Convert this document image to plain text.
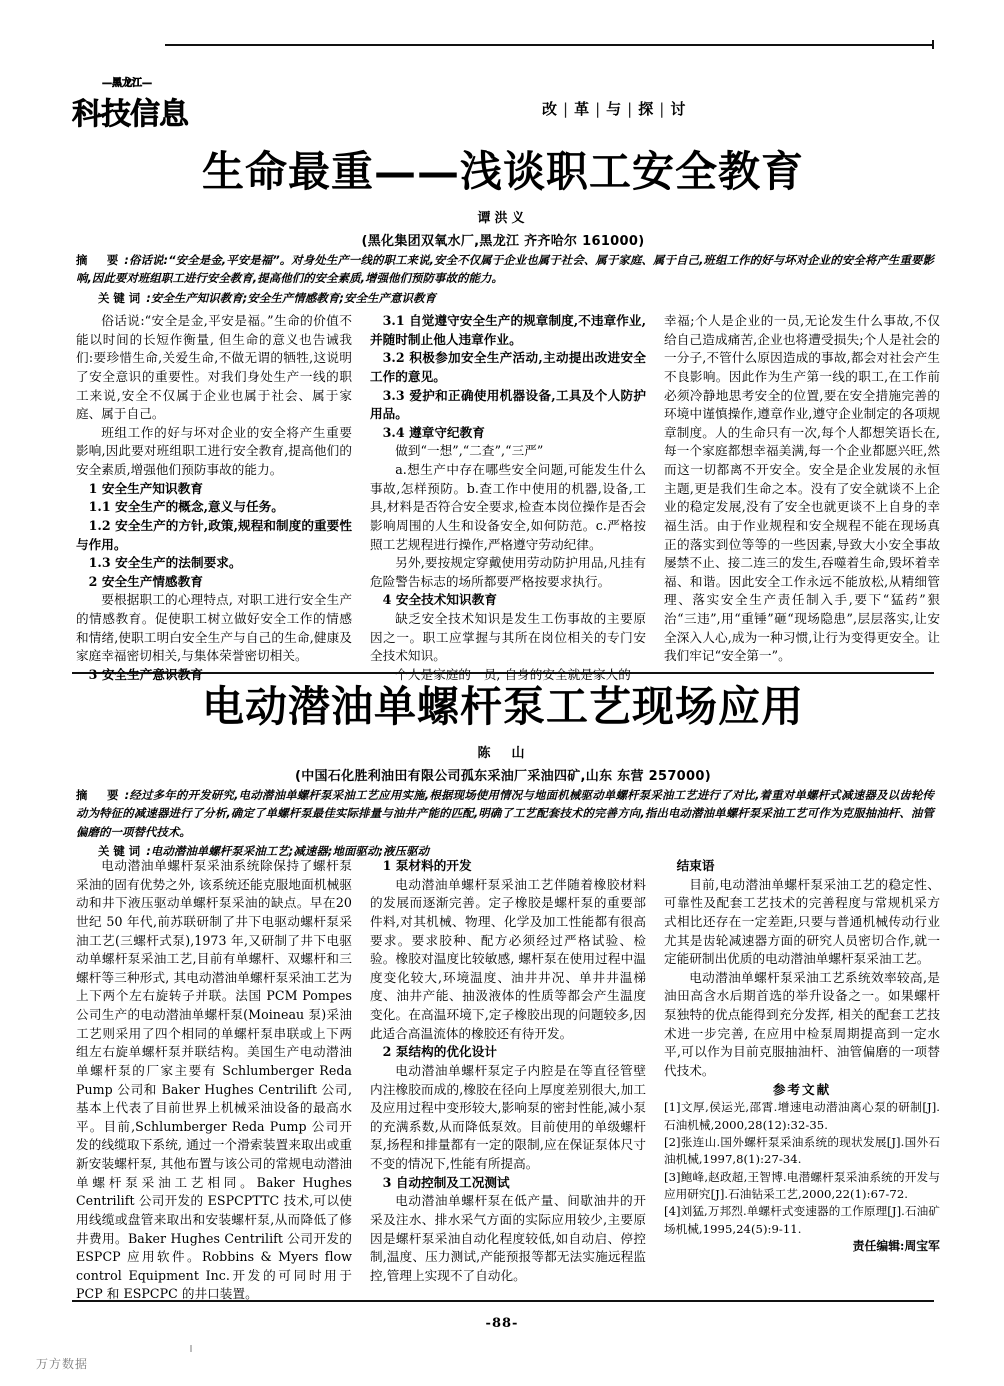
—黑龙江—
科技信息	改 | 革 | 与 | 探 | 讨
生命最重——浅谈职工安全教育
谭洪义
(黑化集团双氧水厂,黑龙江 齐齐哈尔 161000)

摘　要 :俗话说:“安全是金,平安是福”。对身处生产一线的职工来说,安全不仅属于企业也属于社会、属于家庭、属于自己,班组工作的好与坏对企业的安全将产生重要影响,因此要对班组职工进行安全教育,提高他们的安全素质,增强他们预防事故的能力。

关键词 :安全生产知识教育;安全生产情感教育;安全生产意识教育

俗话说:“安全是金,平安是福。”生命的价值不能以时间的长短作衡量, 但生命的意义也告诫我们:要珍惜生命,关爱生命,不做无谓的牺牲,这说明了安全意识的重要性。对我们身处生产一线的职工来说,安全不仅属于企业也属于社会、属于家庭、属于自己。

班组工作的好与坏对企业的安全将产生重要影响,因此要对班组职工进行安全教育,提高他们的安全素质,增强他们预防事故的能力。

1 安全生产知识教育

1.1 安全生产的概念,意义与任务。

1.2 安全生产的方针,政策,规程和制度的重要性与作用。

1.3 安全生产的法制要求。

2 安全生产情感教育

要根据职工的心理特点, 对职工进行安全生产的情感教育。促使职工树立做好安全工作的情感和情绪,使职工明白安全生产与自己的生命,健康及家庭幸福密切相关,与集体荣誉密切相关。

3 安全生产意识教育

3.1 自觉遵守安全生产的规章制度,不违章作业,并随时制止他人违章作业。

3.2 积极参加安全生产活动,主动提出改进安全工作的意见。

3.3 爱护和正确使用机器设备,工具及个人防护用品。

3.4 遵章守纪教育

做到“一想”,“二查”,“三严”

a.想生产中存在哪些安全问题,可能发生什么事故,怎样预防。b.查工作中使用的机器,设备,工具,材料是否符合安全要求,检查本岗位操作是否会影响周围的人生和设备安全,如何防范。c.严格按照工艺规程进行操作,严格遵守劳动纪律。

另外,要按规定穿戴使用劳动防护用品,凡挂有危险警告标志的场所都要严格按要求执行。

4 安全技术知识教育

缺乏安全技术知识是发生工伤事故的主要原因之一。职工应掌握与其所在岗位相关的专门安全技术知识。

个人是家庭的一员, 自身的安全就是家人的

幸福;个人是企业的一员,无论发生什么事故,不仅给自己造成痛苦,企业也将遭受损失;个人是社会的一分子,不管什么原因造成的事故,都会对社会产生不良影响。因此作为生产第一线的职工,在工作前必须冷静地思考安全的位置,要在安全措施完善的环境中谨慎操作,遵章作业,遵守企业制定的各项规章制度。人的生命只有一次,每个人都想笑语长在,每一个家庭都想幸福美满,每一个企业都愿兴旺,然而这一切都离不开安全。安全是企业发展的永恒主题,更是我们生命之本。没有了安全就谈不上企业的稳定发展,没有了安全也就更谈不上自身的幸福生活。由于作业规程和安全规程不能在现场真正的落实到位等等的一些因素,导致大小安全事故屡禁不止、接二连三的发生,吞噬着生命,毁坏着幸福、和谐。因此安全工作永远不能放松,从精细管理、落实安全生产责任制入手,要下“猛药”狠治“三违”,用“重锤”砸“现场隐患”,层层落实,让安全深入人心,成为一种习惯,让行为变得更安全。让我们牢记“安全第一”。

电动潜油单螺杆泵工艺现场应用
陈　山
(中国石化胜利油田有限公司孤东采油厂采油四矿,山东 东营 257000)

摘　要 :经过多年的开发研究,电动潜油单螺杆泵采油工艺应用实施,根据现场使用情况与地面机械驱动单螺杆泵采油工艺进行了对比,着重对单螺杆式减速器及以齿轮传动为特征的减速器进行了分析,确定了单螺杆泵最佳实际排量与油井产能的匹配,明确了工艺配套技术的完善方向,指出电动潜油单螺杆泵采油工艺可作为克服抽油杆、油管偏磨的一项替代技术。

关键词 :电动潜油单螺杆泵采油工艺;减速器;地面驱动;液压驱动

电动潜油单螺杆泵采油系统除保持了螺杆泵采油的固有优势之外, 该系统还能克服地面机械驱动和井下液压驱动单螺杆泵采油的缺点。早在20 世纪 50 年代,前苏联研制了井下电驱动螺杆泵采油工艺(三螺杆式泵),1973 年,又研制了井下电驱动单螺杆泵采油工艺,目前有单螺杆、双螺杆和三螺杆等三种形式, 其电动潜油单螺杆泵采油工艺为上下两个左右旋转子并联。法国 PCM Pompes 公司生产的电动潜油单螺杆泵(Moineau 泵)采油工艺则采用了四个相同的单螺杆泵串联或上下两组左右旋单螺杆泵并联结构。美国生产电动潜油单螺杆泵的厂家主要有 Schlumberger Reda Pump 公司和 Baker Hughes Centrilift 公司,基本上代表了目前世界上机械采油设备的最高水平。目前,Schlumberger Reda Pump 公司开发的线缆取下系统, 通过一个滑索装置来取出或重新安装螺杆泵, 其他布置与该公司的常规电动潜油单螺杆泵采油工艺相同。Baker Hughes Centrilift 公司开发的 ESPCPTTC 技术,可以使用线缆或盘管来取出和安装螺杆泵,从而降低了修井费用。Baker Hughes Centrilift 公司开发的 ESPCP 应用软件。Robbins & Myers flow control Equipment Inc.开发的可同时用于 PCP 和 ESPCPC 的井口装置。

1 泵材料的开发

电动潜油单螺杆泵采油工艺伴随着橡胶材料的发展而逐渐完善。定子橡胶是螺杆泵的重要部件料,对其机械、物理、化学及加工性能都有很高要求。要求胶种、配方必须经过严格试验、检验。橡胶对温度比较敏感, 螺杆泵在使用过程中温度变化较大,环境温度、油井井况、单井井温梯度、油井产能、抽汲液体的性质等都会产生温度变化。在高温环境下,定子橡胶出现的问题较多,因此适合高温流体的橡胶还有待开发。

2 泵结构的优化设计

电动潜油单螺杆泵定子内腔是在等直径管壁内注橡胶而成的,橡胶在径向上厚度差别很大,加工及应用过程中变形较大,影响泵的密封性能,减小泵的充满系数,从而降低泵效。目前使用的单级螺杆泵,扬程和排量都有一定的限制,应在保证泵体尺寸不变的情况下,性能有所提高。

3 自动控制及工况测试

电动潜油单螺杆泵在低产量、间歇油井的开采及注水、排水采气方面的实际应用较少,主要原因是螺杆泵采油自动化程度较低,如自动启、停控制,温度、压力测试,产能预报等都无法实施远程监控,管理上实现不了自动化。

结束语

目前,电动潜油单螺杆泵采油工艺的稳定性、可靠性及配套工艺技术的完善程度与常规机采方式相比还存在一定差距,只要与普通机械传动行业尤其是齿轮减速器方面的研究人员密切合作,就一定能研制出优质的电动潜油单螺杆泵采油工艺。

电动潜油单螺杆泵采油工艺系统效率较高,是油田高含水后期首选的举升设备之一。如果螺杆泵独特的优点能得到充分发挥, 相关的配套工艺技术进一步完善, 在应用中检泵周期提高到一定水平,可以作为目前克服抽油杆、油管偏磨的一项替代技术。

参考文献

[1]文厚,侯运光,邵霄.增速电动潜油离心泵的研制[J].石油机械,2000,28(12):32-35.

[2]张连山.国外螺杆泵采油系统的现状发展[J].国外石油机械,1997,8(1):27-34.

[3]鲍峰,赵政超,王智博.电潜螺杆泵采油系统的开发与应用研究[J].石油钻采工艺,2000,22(1):67-72.

[4]刘猛,万邦烈.单螺杆式变速器的工作原理[J].石油矿场机械,1995,24(5):9-11.

责任编辑:周宝军

-88-
万方数据
